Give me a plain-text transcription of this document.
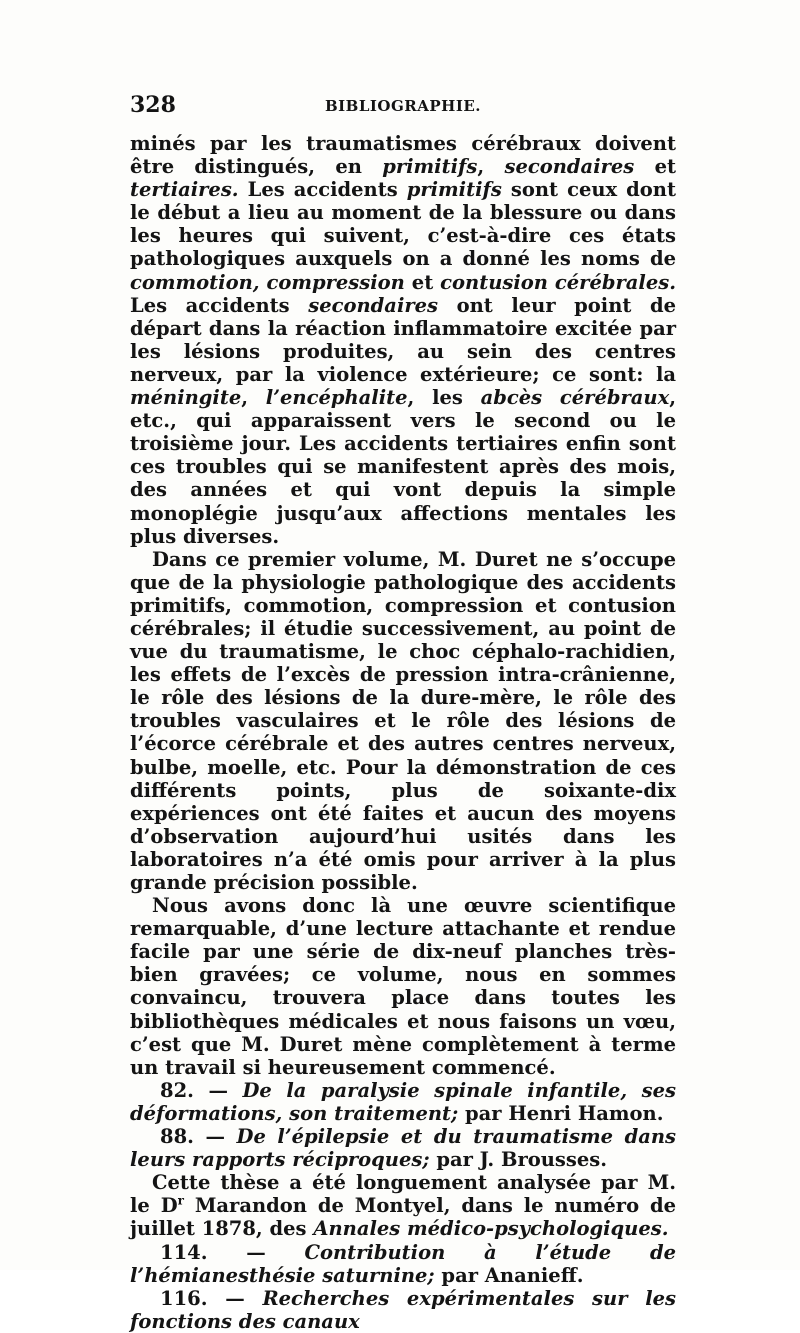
328	BIBLIOGRAPHIE.

minés par les traumatismes cérébraux doivent être distingués, en primitifs, secondaires et tertiaires. Les accidents primitifs sont ceux dont le début a lieu au moment de la blessure ou dans les heures qui suivent, c’est-à-dire ces états pathologiques auxquels on a donné les noms de commotion, compression et contusion cérébrales. Les accidents secondaires ont leur point de départ dans la réaction inflammatoire excitée par les lésions produites, au sein des centres nerveux, par la violence extérieure; ce sont: la méningite, l’encéphalite, les abcès cérébraux, etc., qui apparaissent vers le second ou le troisième jour. Les accidents tertiaires enfin sont ces troubles qui se manifestent après des mois, des années et qui vont depuis la simple monoplégie jusqu’aux affections mentales les plus diverses.

Dans ce premier volume, M. Duret ne s’occupe que de la physiologie pathologique des accidents primitifs, commotion, compression et contusion cérébrales; il étudie successivement, au point de vue du traumatisme, le choc céphalo-rachidien, les effets de l’excès de pression intra-crânienne, le rôle des lésions de la dure-mère, le rôle des troubles vasculaires et le rôle des lésions de l’écorce cérébrale et des autres centres nerveux, bulbe, moelle, etc. Pour la démonstration de ces différents points, plus de soixante-dix expériences ont été faites et aucun des moyens d’observation aujourd’hui usités dans les laboratoires n’a été omis pour arriver à la plus grande précision possible.

Nous avons donc là une œuvre scientifique remarquable, d’une lecture attachante et rendue facile par une série de dix-neuf planches très-bien gravées; ce volume, nous en sommes convaincu, trouvera place dans toutes les bibliothèques médicales et nous faisons un vœu, c’est que M. Duret mène complètement à terme un travail si heureusement commencé.

82. — De la paralysie spinale infantile, ses déformations, son traitement; par Henri Hamon.

88. — De l’épilepsie et du traumatisme dans leurs rapports réciproques; par J. Brousses.

Cette thèse a été longuement analysée par M. le $D^r$ Marandon de Montyel, dans le numéro de juillet 1878, des Annales médico-psychologiques.

114. — Contribution à l’étude de l’hémianesthésie saturnine; par Ananieff.

116. — Recherches expérimentales sur les fonctions des canaux
